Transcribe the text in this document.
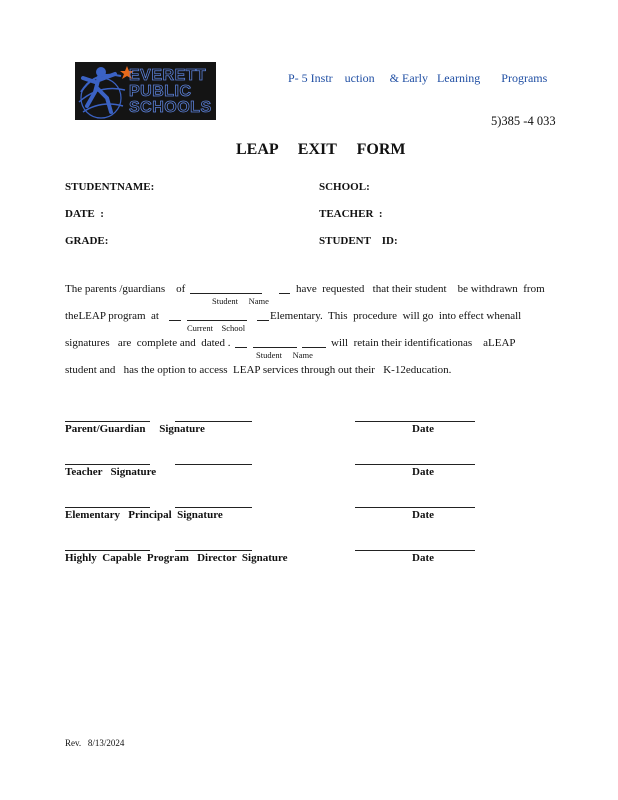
EVERETT
PUBLIC
SCHOOLS
P- 5 Instr    uction     & Early   Learning       Programs
5)385 -4 033
LEAP  EXIT  FORM
STUDENTNAME:	SCHOOL:
DATE  :	TEACHER  :
GRADE:	STUDENT    ID:
The parents /guardians    of	have  requested   that their student    be withdrawn  from
Student     Name
theLEAP program  at	Elementary.  This  procedure  will go  into effect whenall
Current    School
signatures   are  complete and  dated .	will  retain their identificationas    aLEAP
Student     Name
student and   has the option to access  LEAP services through out their   K-12education.
Parent/Guardian     Signature	Date
Teacher   Signature	Date
Elementary   Principal  Signature	Date
Highly  Capable  Program   Director  Signature	Date
Rev.   8/13/2024
